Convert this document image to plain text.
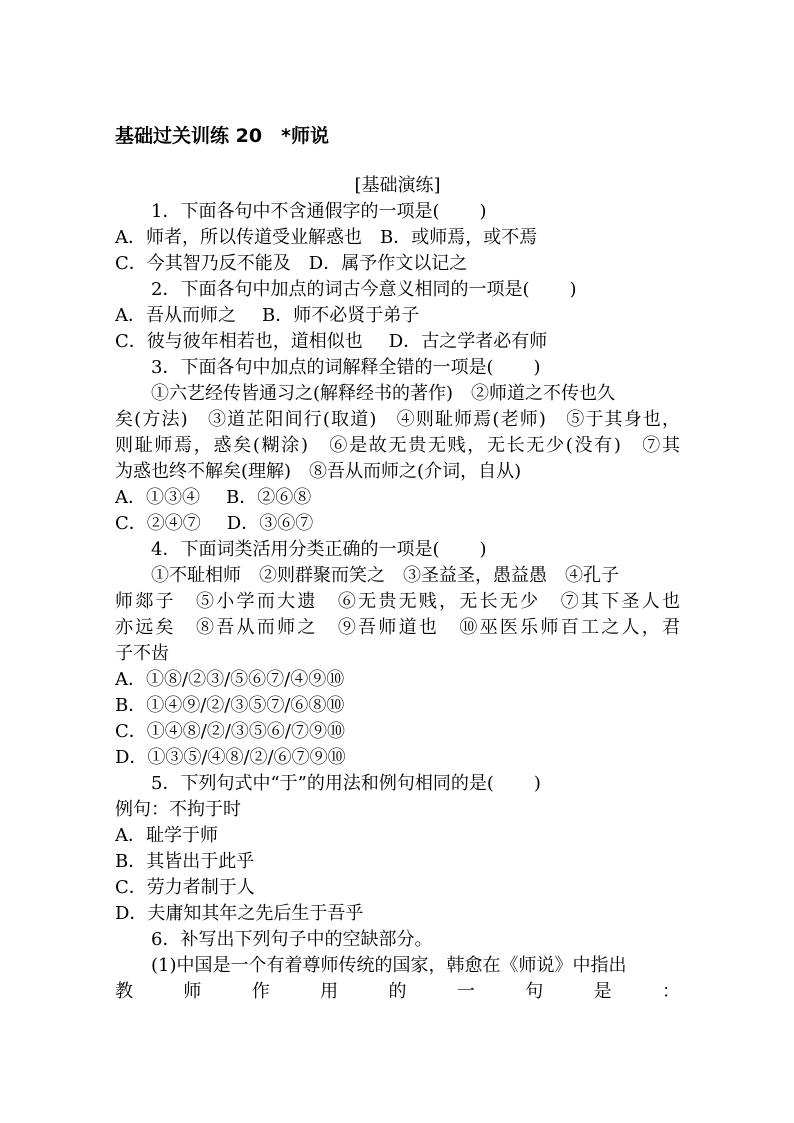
基础过关训练 20　*师说
[基础演练]
1．下面各句中不含通假字的一项是( )
A．师者，所以传道受业解惑也 B．或师焉，或不焉
C．今其智乃反不能及 D．属予作文以记之
2．下面各句中加点的词古今意义相同的一项是( )
A．吾从而师之 B．师不必贤于弟子
C．彼与彼年相若也，道相似也 D．古之学者必有师
3．下面各句中加点的词解释全错的一项是( )
①六艺经传皆通习之(解释经书的著作)　②师道之不传也久
矣(方法)　③道芷阳间行(取道)　④则耻师焉(老师)　⑤于其身也，
则耻师焉，惑矣(糊涂)　⑥是故无贵无贱，无长无少(没有)　⑦其
为惑也终不解矣(理解)　⑧吾从而师之(介词，自从)
A．①③④ B．②⑥⑧
C．②④⑦ D．③⑥⑦
4．下面词类活用分类正确的一项是( )
①不耻相师　②则群聚而笑之　③圣益圣，愚益愚　④孔子
师郯子　⑤小学而大遗　⑥无贵无贱，无长无少　⑦其下圣人也
亦远矣　⑧吾从而师之　⑨吾师道也　⑩巫医乐师百工之人，君
子不齿
A．①⑧/②③/⑤⑥⑦/④⑨⑩
B．①④⑨/②/③⑤⑦/⑥⑧⑩
C．①④⑧/②/③⑤⑥/⑦⑨⑩
D．①③⑤/④⑧/②/⑥⑦⑨⑩
5．下列句式中“于”的用法和例句相同的是( )
例句：不拘于时
A．耻学于师
B．其皆出于此乎
C．劳力者制于人
D．夫庸知其年之先后生于吾乎
6．补写出下列句子中的空缺部分。
(1)中国是一个有着尊师传统的国家，韩愈在《师说》中指出
教师作用的一句是：
